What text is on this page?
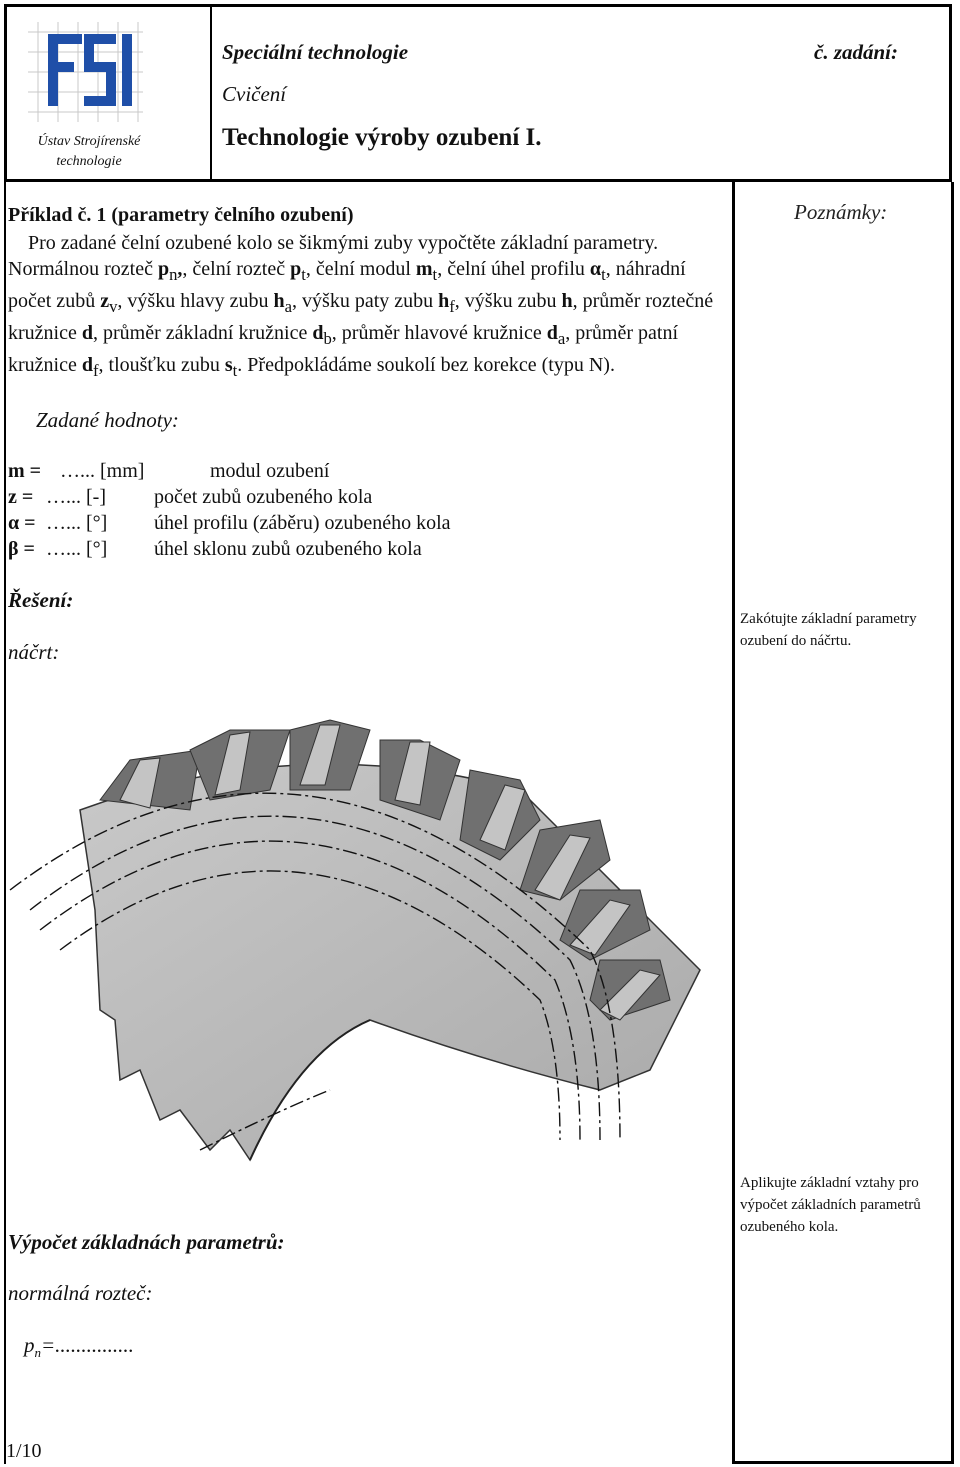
Ústav Strojírenské technologie
Speciální technologie
Cvičení
č. zadání:
Technologie výroby ozubení I.
Poznámky:
Zakótujte základní parametry ozubení do náčrtu.
Aplikujte základní vztahy pro výpočet základních parametrů ozubeného kola.
Příklad č. 1 (parametry čelního ozubení)
Pro zadané čelní ozubené kolo se šikmými zuby vypočtěte základní parametry. Normálnou rozteč $p_n$,, čelní rozteč $p_t$, čelní modul $m_t$, čelní úhel profilu $\alpha_t$, náhradní počet zubů $z_v$, výšku hlavy zubu $h_a$, výšku paty zubu $h_f$, výšku zubu h, průměr roztečné kružnice d, průměr základní kružnice $d_b$, průměr hlavové kružnice $d_a$, průměr patní kružnice $d_f$, tloušťku zubu $s_t$. Předpokládáme soukolí bez korekce (typu N).
Zadané hodnoty:
m = …... [mm]	modul ozubení
z = …... [-] počet zubů ozubeného kola
α = …... [°] úhel profilu (záběru) ozubeného kola
β = …... [°] úhel sklonu zubů ozubeného kola
Řešení:
náčrt:
Výpočet základnách parametrů:
normálná rozteč:
$p_n=$...............
1/10
